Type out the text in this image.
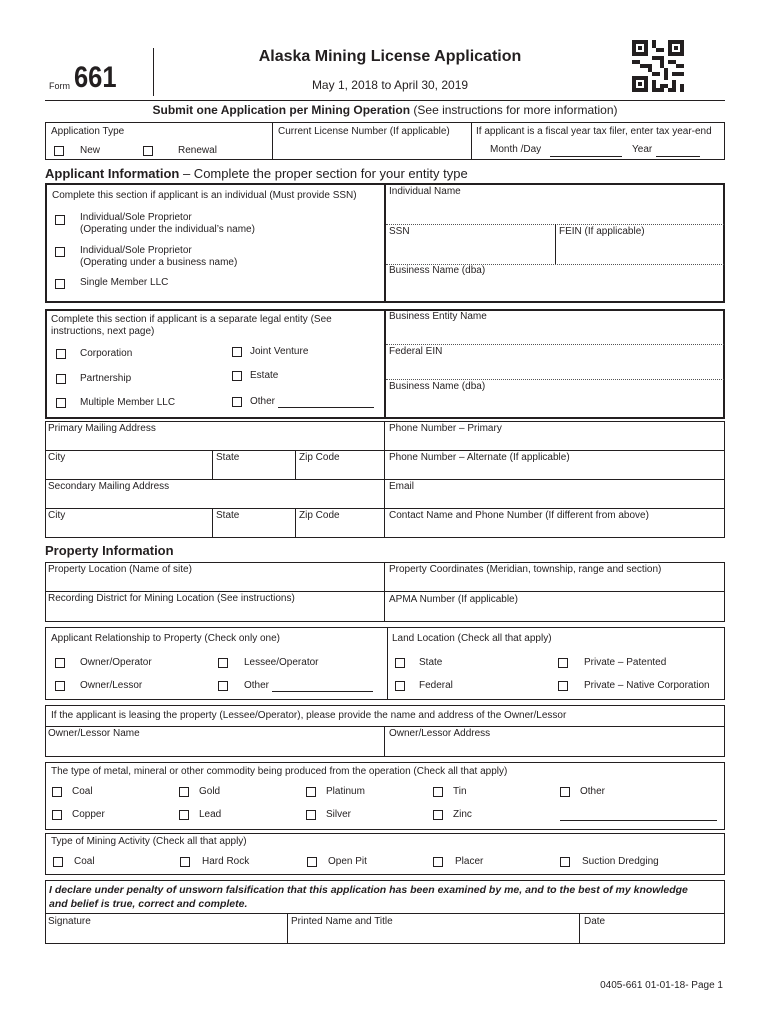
Form 661
Alaska Mining License Application
May 1, 2018 to April 30, 2019
Submit one Application per Mining Operation (See instructions for more information)
Application Type
New	Renewal
Current License Number (If applicable)	If applicant is a fiscal year tax filer, enter tax year-end
Month /Day	Year
Applicant Information – Complete the proper section for your entity type
Complete this section if applicant is an individual (Must provide SSN)
Individual/Sole Proprietor
(Operating under the individual’s name)
Individual/Sole Proprietor
(Operating under a business name)
Single Member LLC
Individual Name
SSN	FEIN (If applicable)
Business Name (dba)
Complete this section if applicant is a separate legal entity (See
instructions, next page)
Corporation	Joint Venture
Partnership	Estate
Multiple Member LLC	Other
Business Entity Name
Federal EIN
Business Name (dba)
Primary Mailing Address	Phone Number – Primary
City	State	Zip Code	Phone Number – Alternate (If applicable)
Secondary Mailing Address	Email
City	State	Zip Code	Contact Name and Phone Number (If different from above)
Property Information
Property Location (Name of site)	Property Coordinates (Meridian, township, range and section)
Recording District for Mining Location (See instructions)	APMA Number (If applicable)
Applicant Relationship to Property (Check only one)
Owner/Operator	Lessee/Operator
Owner/Lessor	Other
Land Location (Check all that apply)
State	Private – Patented
Federal	Private – Native Corporation
If the applicant is leasing the property (Lessee/Operator), please provide the name and address of the Owner/Lessor
Owner/Lessor Name	Owner/Lessor Address
The type of metal, mineral or other commodity being produced from the operation (Check all that apply)
Coal	Gold	Platinum	Tin	Other
Copper	Lead	Silver	Zinc
Type of Mining Activity (Check all that apply)
Coal	Hard Rock	Open Pit	Placer	Suction Dredging
I declare under penalty of unsworn falsification that this application has been examined by me, and to the best of my knowledge
and belief is true, correct and complete.
Signature	Printed Name and Title	Date
0405-661 01-01-18- Page 1
